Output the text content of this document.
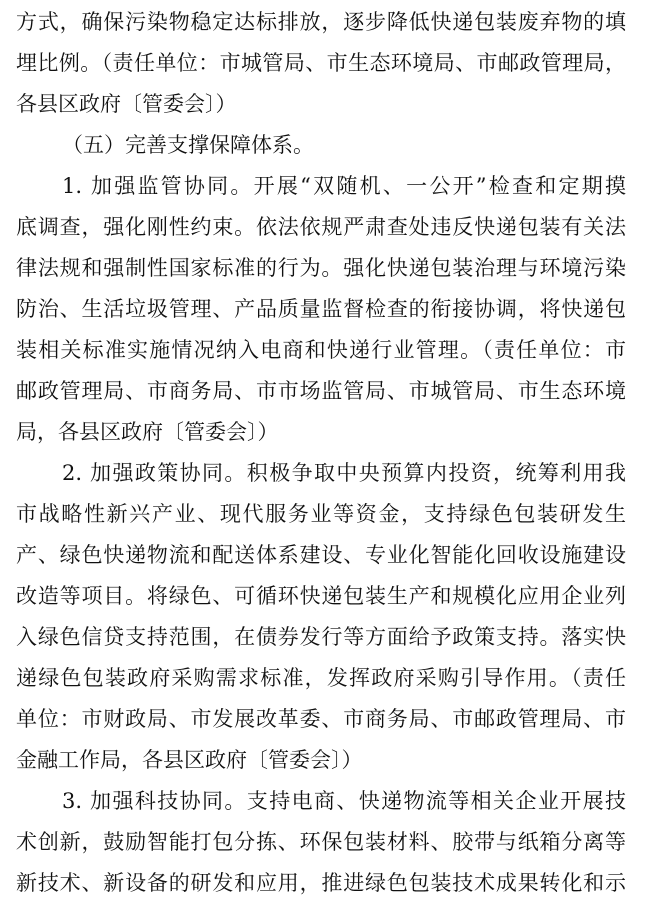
方式，确保污染物稳定达标排放，逐步降低快递包装废弃物的填
埋比例。（责任单位：市城管局、市生态环境局、市邮政管理局，
各县区政府〔管委会〕）
（五）完善支撑保障体系。
1. 加强监管协同。开展“双随机、一公开”检查和定期摸
底调查，强化刚性约束。依法依规严肃查处违反快递包装有关法
律法规和强制性国家标准的行为。强化快递包装治理与环境污染
防治、生活垃圾管理、产品质量监督检查的衔接协调，将快递包
装相关标准实施情况纳入电商和快递行业管理。（责任单位：市
邮政管理局、市商务局、市市场监管局、市城管局、市生态环境
局，各县区政府〔管委会〕）
2. 加强政策协同。积极争取中央预算内投资，统筹利用我
市战略性新兴产业、现代服务业等资金，支持绿色包装研发生
产、绿色快递物流和配送体系建设、专业化智能化回收设施建设
改造等项目。将绿色、可循环快递包装生产和规模化应用企业列
入绿色信贷支持范围，在债券发行等方面给予政策支持。落实快
递绿色包装政府采购需求标准，发挥政府采购引导作用。（责任
单位：市财政局、市发展改革委、市商务局、市邮政管理局、市
金融工作局，各县区政府〔管委会〕）
3. 加强科技协同。支持电商、快递物流等相关企业开展技
术创新，鼓励智能打包分拣、环保包装材料、胶带与纸箱分离等
新技术、新设备的研发和应用，推进绿色包装技术成果转化和示
